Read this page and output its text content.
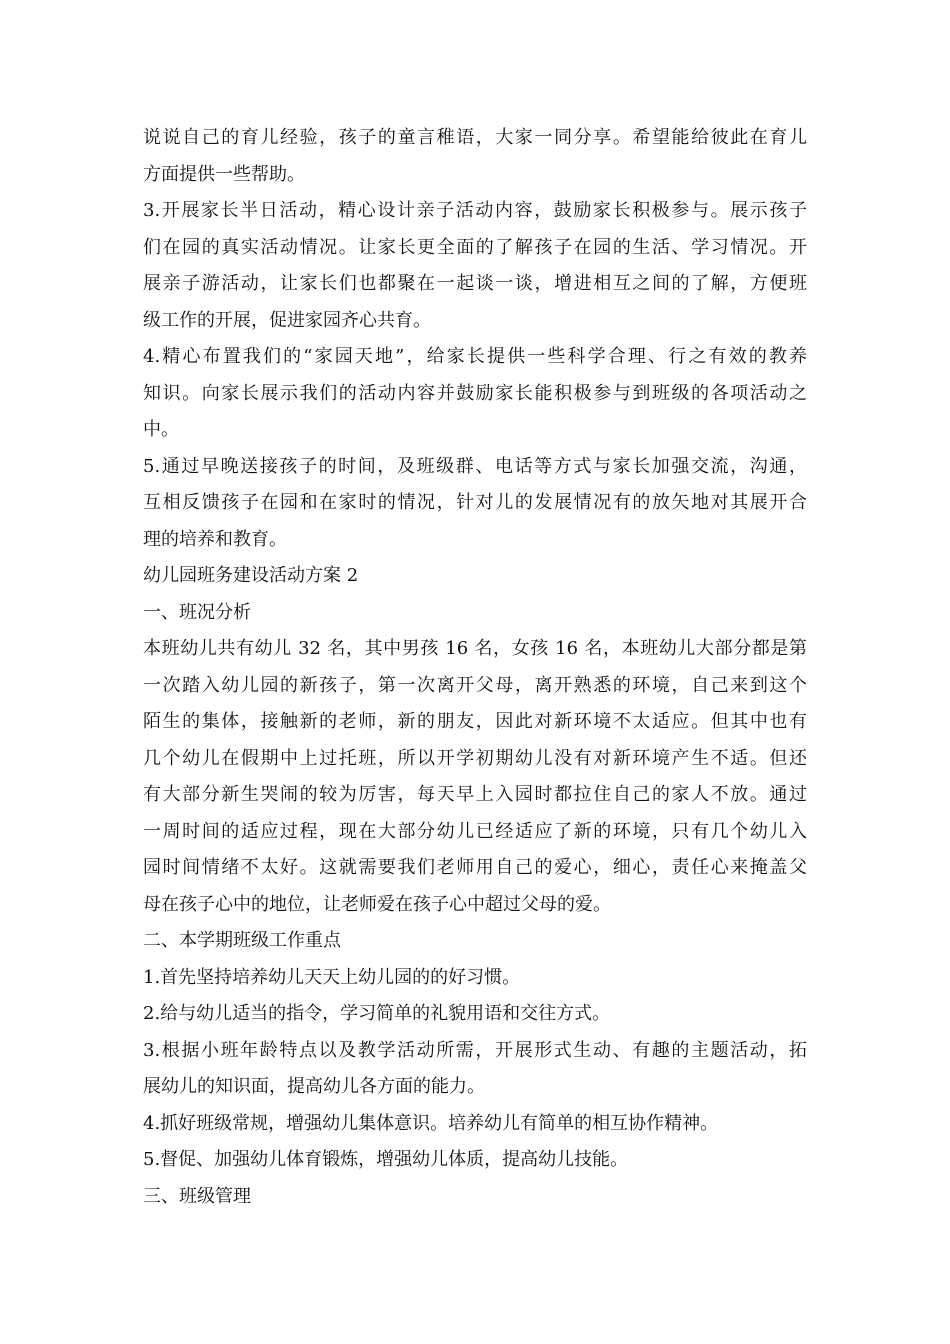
说说自己的育儿经验，孩子的童言稚语，大家一同分享。希望能给彼此在育儿
方面提供一些帮助。
3.开展家长半日活动，精心设计亲子活动内容，鼓励家长积极参与。展示孩子
们在园的真实活动情况。让家长更全面的了解孩子在园的生活、学习情况。开
展亲子游活动，让家长们也都聚在一起谈一谈，增进相互之间的了解，方便班
级工作的开展，促进家园齐心共育。
4.精心布置我们的“家园天地”，给家长提供一些科学合理、行之有效的教养
知识。向家长展示我们的活动内容并鼓励家长能积极参与到班级的各项活动之
中。
5.通过早晚送接孩子的时间，及班级群、电话等方式与家长加强交流，沟通，
互相反馈孩子在园和在家时的情况，针对儿的发展情况有的放矢地对其展开合
理的培养和教育。
幼儿园班务建设活动方案 2
一、班况分析
本班幼儿共有幼儿 32 名，其中男孩 16 名，女孩 16 名，本班幼儿大部分都是第
一次踏入幼儿园的新孩子，第一次离开父母，离开熟悉的环境，自己来到这个
陌生的集体，接触新的老师，新的朋友，因此对新环境不太适应。但其中也有
几个幼儿在假期中上过托班，所以开学初期幼儿没有对新环境产生不适。但还
有大部分新生哭闹的较为厉害，每天早上入园时都拉住自己的家人不放。通过
一周时间的适应过程，现在大部分幼儿已经适应了新的环境，只有几个幼儿入
园时间情绪不太好。这就需要我们老师用自己的爱心，细心，责任心来掩盖父
母在孩子心中的地位，让老师爱在孩子心中超过父母的爱。
二、本学期班级工作重点
1.首先坚持培养幼儿天天上幼儿园的的好习惯。
2.给与幼儿适当的指令，学习简单的礼貌用语和交往方式。
3.根据小班年龄特点以及教学活动所需，开展形式生动、有趣的主题活动，拓
展幼儿的知识面，提高幼儿各方面的能力。
4.抓好班级常规，增强幼儿集体意识。培养幼儿有简单的相互协作精神。
5.督促、加强幼儿体育锻炼，增强幼儿体质，提高幼儿技能。
三、班级管理
